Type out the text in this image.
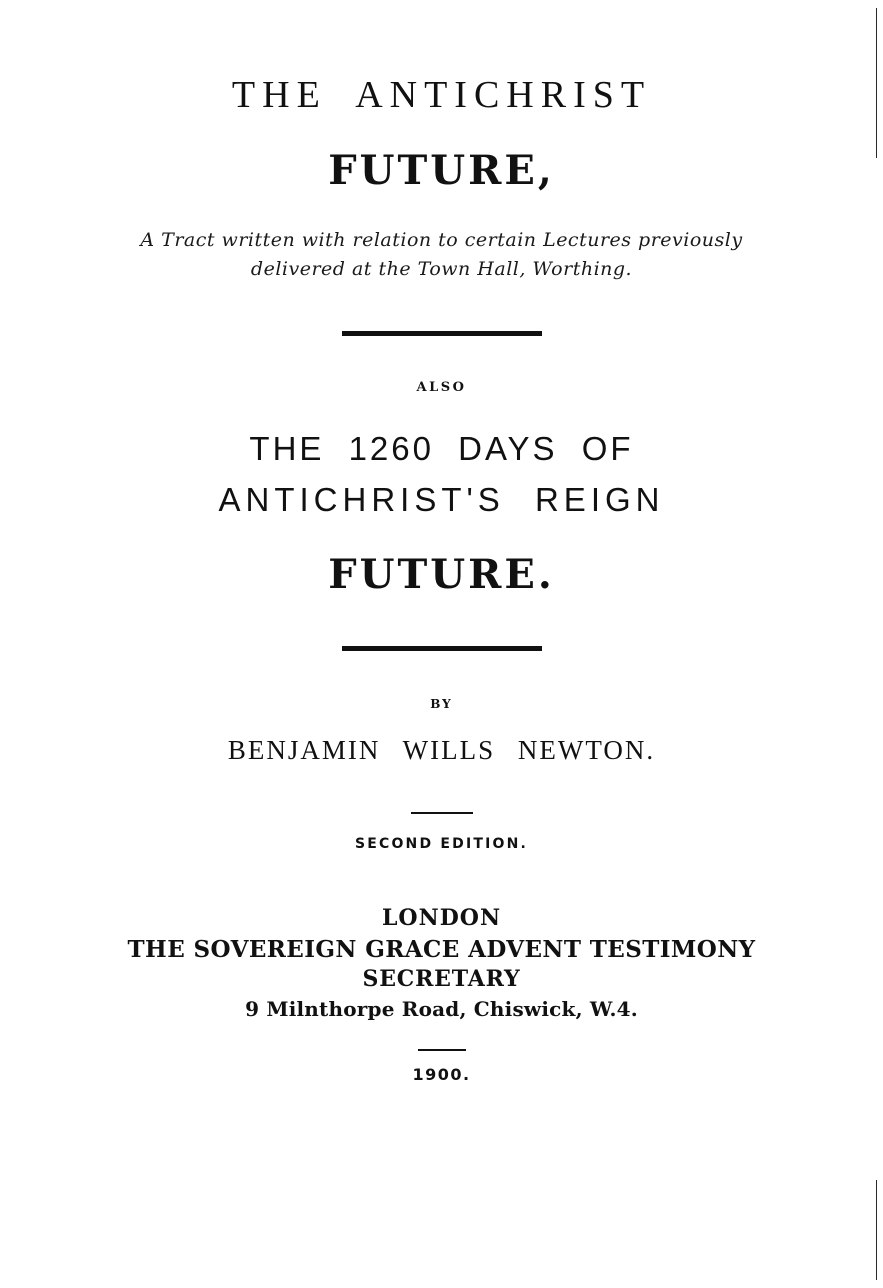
THE ANTICHRIST
FUTURE,
A Tract written with relation to certain Lectures previously
delivered at the Town Hall, Worthing.
ALSO
THE 1260 DAYS OF
ANTICHRIST'S REIGN
FUTURE.
BY
BENJAMIN WILLS NEWTON.
SECOND EDITION.
LONDON
THE SOVEREIGN GRACE ADVENT TESTIMONY
SECRETARY
9 Milnthorpe Road, Chiswick, W.4.
1900.
